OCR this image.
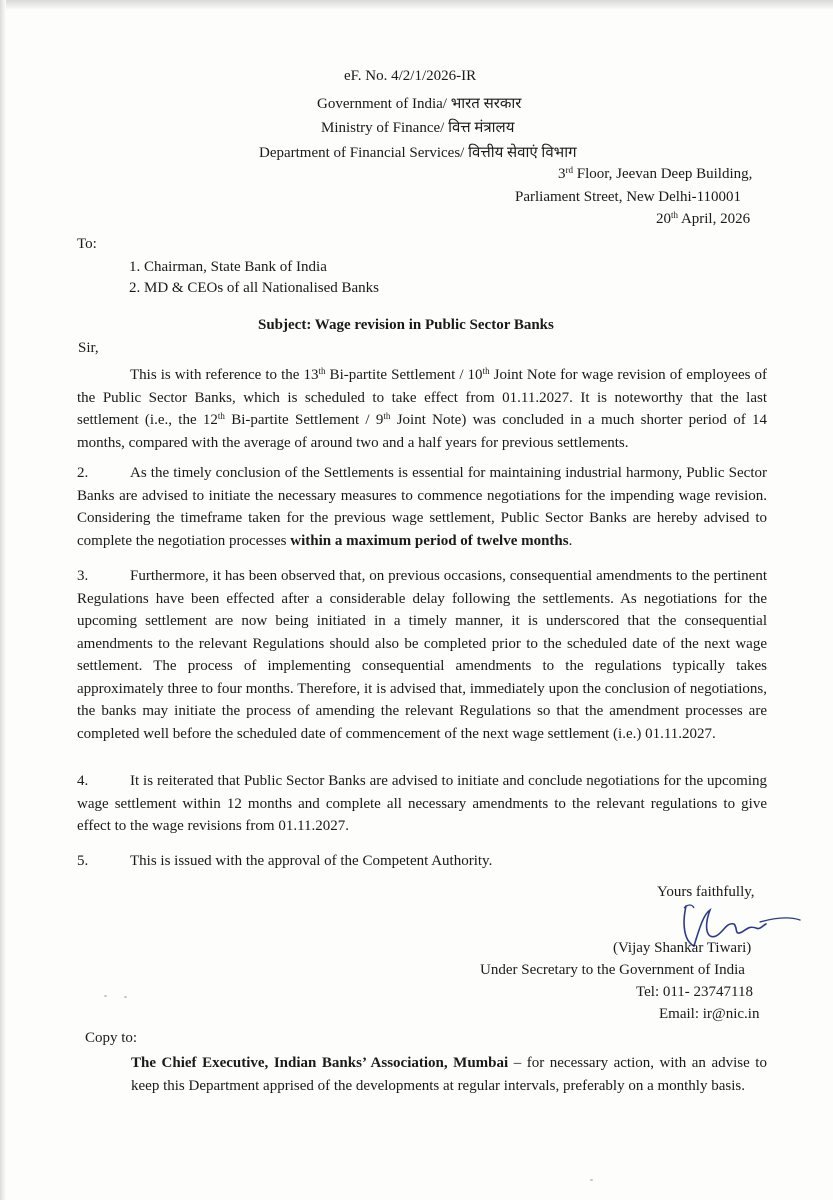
eF. No. 4/2/1/2026-IR
Government of India/ भारत सरकार
Ministry of Finance/ वित्त मंत्रालय
Department of Financial Services/ वित्तीय सेवाएं विभाग
3rd Floor, Jeevan Deep Building,
Parliament Street, New Delhi-110001
20th April, 2026
To:
1. Chairman, State Bank of India
2. MD & CEOs of all Nationalised Banks
Subject: Wage revision in Public Sector Banks
Sir,

This is with reference to the 13th Bi-partite Settlement / 10th Joint Note for wage revision of employees of the Public Sector Banks, which is scheduled to take effect from 01.11.2027. It is noteworthy that the last settlement (i.e., the 12th Bi-partite Settlement / 9th Joint Note) was concluded in a much shorter period of 14 months, compared with the average of around two and a half years for previous settlements.

2.	As the timely conclusion of the Settlements is essential for maintaining industrial harmony, Public Sector Banks are advised to initiate the necessary measures to commence negotiations for the impending wage revision. Considering the timeframe taken for the previous wage settlement, Public Sector Banks are hereby advised to complete the negotiation processes within a maximum period of twelve months.

3.	Furthermore, it has been observed that, on previous occasions, consequential amendments to the pertinent Regulations have been effected after a considerable delay following the settlements. As negotiations for the upcoming settlement are now being initiated in a timely manner, it is underscored that the consequential amendments to the relevant Regulations should also be completed prior to the scheduled date of the next wage settlement. The process of implementing consequential amendments to the regulations typically takes approximately three to four months. Therefore, it is advised that, immediately upon the conclusion of negotiations, the banks may initiate the process of amending the relevant Regulations so that the amendment processes are completed well before the scheduled date of commencement of the next wage settlement (i.e.) 01.11.2027.

4.	It is reiterated that Public Sector Banks are advised to initiate and conclude negotiations for the upcoming wage settlement within 12 months and complete all necessary amendments to the relevant regulations to give effect to the wage revisions from 01.11.2027.

5.	This is issued with the approval of the Competent Authority.

Yours faithfully,
(Vijay Shankar Tiwari)
Under Secretary to the Government of India
Tel: 011- 23747118
Email: ir@nic.in
Copy to:

The Chief Executive, Indian Banks’ Association, Mumbai – for necessary action, with an advise to keep this Department apprised of the developments at regular intervals, preferably on a monthly basis.
